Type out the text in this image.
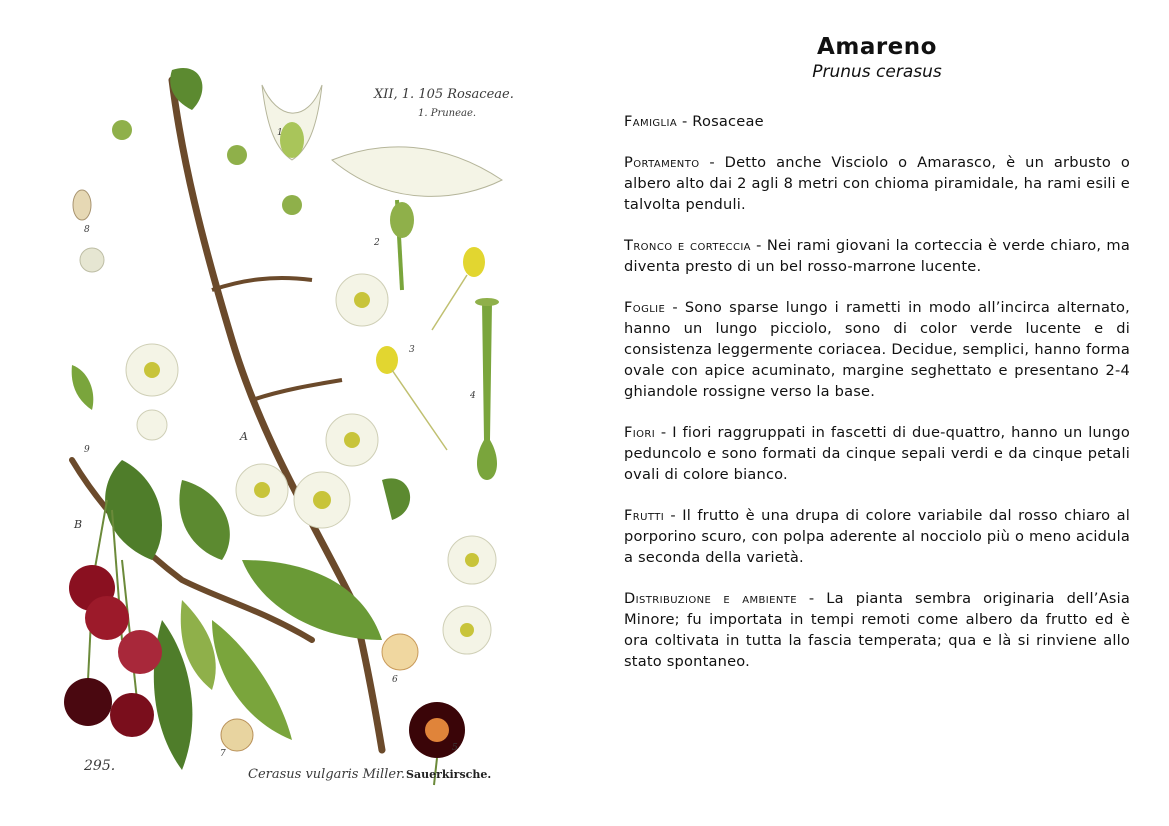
1
2
3
4
5
6
7
8
9
A
B
XII, 1. 105 Rosaceae.
1. Pruneae.
295.
Cerasus vulgaris Miller. Sauerkirsche.
Amareno

Prunus cerasus

Famiglia - Rosaceae

Portamento - Detto anche Visciolo o Amarasco, è un arbusto o albero alto dai 2 agli 8 metri con chioma piramidale, ha rami esili e talvolta penduli.

Tronco e corteccia - Nei rami giovani la corteccia è verde chiaro, ma diventa presto di un bel rosso-marrone lucente.

Foglie - Sono sparse lungo i rametti in modo all’incirca alternato, hanno un lungo picciolo, sono di color verde lucente e di consistenza leggermente coriacea. Decidue, semplici, hanno forma ovale con apice acuminato, margine seghettato e presentano 2-4 ghiandole rossigne verso la base.

Fiori - I fiori raggruppati in fascetti di due-quattro, hanno un lungo peduncolo e sono formati da cinque sepali verdi e da cinque petali ovali di colore bianco.

Frutti - Il frutto è una drupa di colore variabile dal rosso chiaro al porporino scuro, con polpa aderente al nocciolo più o meno acidula a seconda della varietà.

Distribuzione e ambiente - La pianta sembra originaria dell’Asia Minore; fu importata in tempi remoti come albero da frutto ed è ora coltivata in tutta la fascia temperata; qua e là si rinviene allo stato spontaneo.
